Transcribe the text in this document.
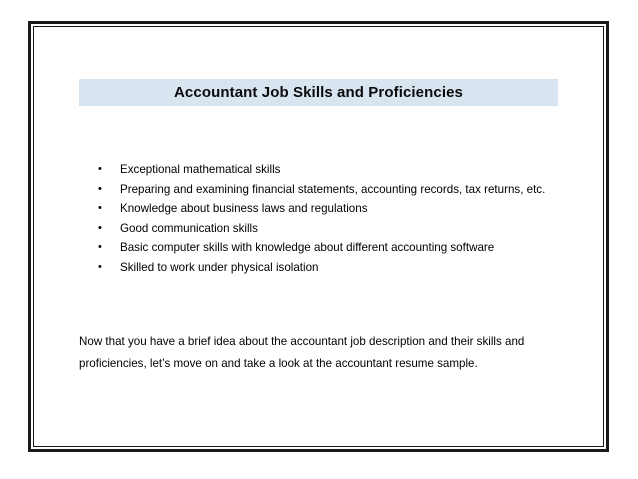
Accountant Job Skills and Proficiencies
• Exceptional mathematical skills
• Preparing and examining financial statements, accounting records, tax returns, etc.
• Knowledge about business laws and regulations
• Good communication skills
• Basic computer skills with knowledge about different accounting software
• Skilled to work under physical isolation

Now that you have a brief idea about the accountant job description and their skills and proficiencies, let’s move on and take a look at the accountant resume sample.
